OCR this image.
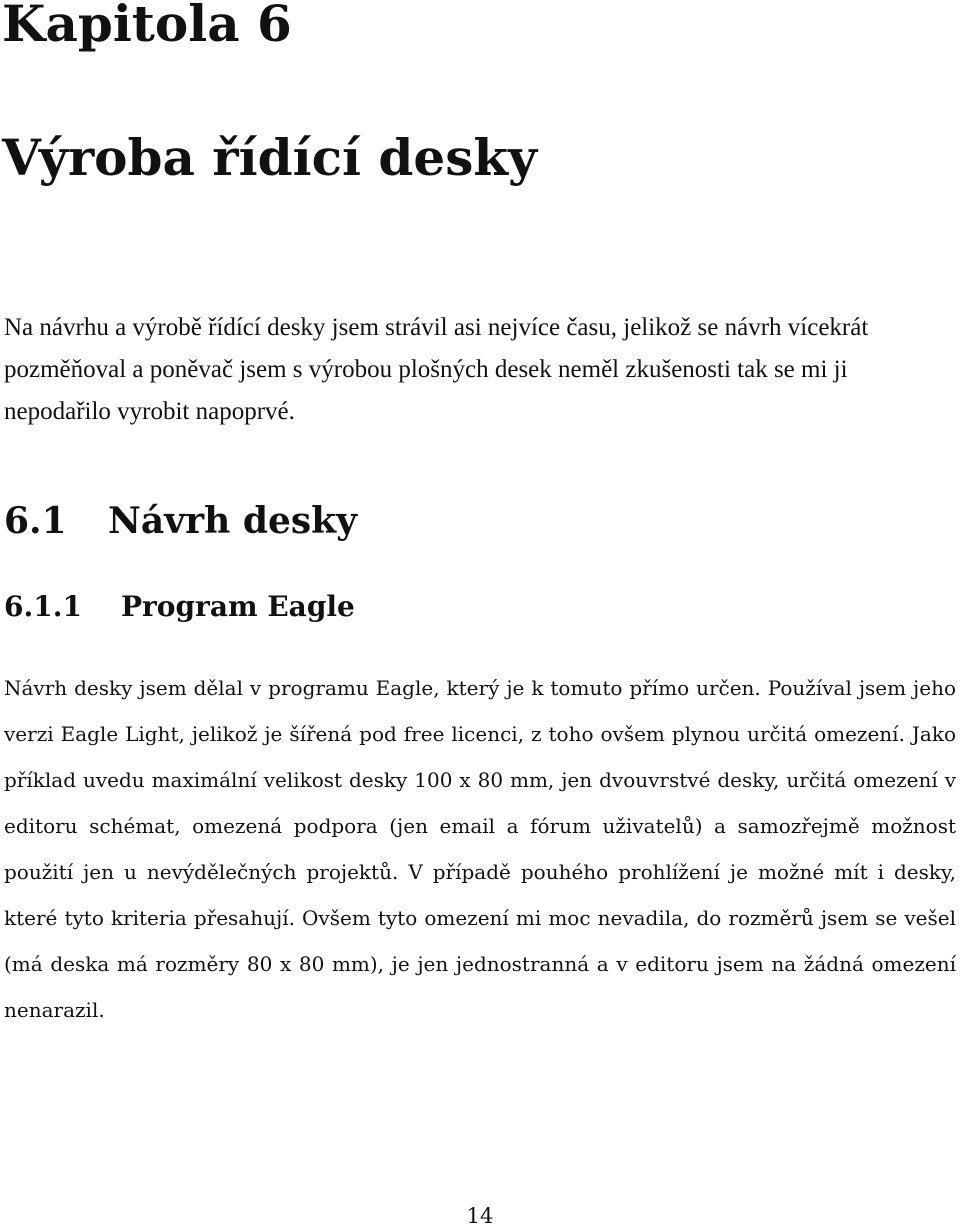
Kapitola 6
Výroba řídící desky

Na návrhu a výrobě řídící desky jsem strávil asi nejvíce času, jelikož se návrh vícekrát pozměňoval a poněvač jsem s výrobou plošných desek neměl zkušenosti tak se mi ji nepodařilo vyrobit napoprvé.

6.1 Návrh desky
6.1.1 Program Eagle

Návrh desky jsem dělal v programu Eagle, který je k tomuto přímo určen. Používal jsem jeho verzi Eagle Light, jelikož je šířená pod free licenci, z toho ovšem plynou určitá omezení. Jako příklad uvedu maximální velikost desky 100 x 80 mm, jen dvouvrstvé desky, určitá omezení v editoru schémat, omezená podpora (jen email a fórum uživatelů) a samozřejmě možnost použití jen u nevýdělečných projektů. V případě pouhého prohlížení je možné mít i desky, které tyto kriteria přesahují. Ovšem tyto omezení mi moc nevadila, do rozměrů jsem se vešel (má deska má rozměry 80 x 80 mm), je jen jednostranná a v editoru jsem na žádná omezení nenarazil.

14
